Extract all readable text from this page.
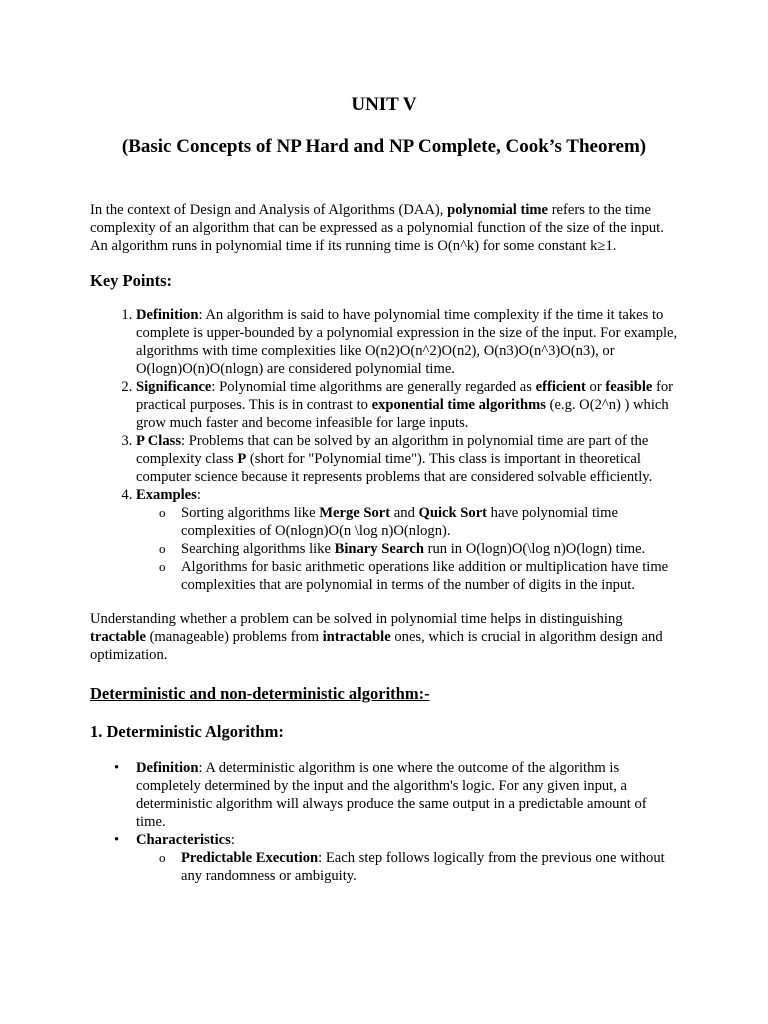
UNIT V
(Basic Concepts of NP Hard and NP Complete, Cook’s Theorem)

In the context of Design and Analysis of Algorithms (DAA), polynomial time refers to the time complexity of an algorithm that can be expressed as a polynomial function of the size of the input. An algorithm runs in polynomial time if its running time is O(n^k) for some constant k≥1.

Key Points:
1. Definition: An algorithm is said to have polynomial time complexity if the time it takes to complete is upper-bounded by a polynomial expression in the size of the input. For example, algorithms with time complexities like O(n2)O(n^2)O(n2), O(n3)O(n^3)O(n3), or O(logn)O(n)O(nlogn) are considered polynomial time.
2. Significance: Polynomial time algorithms are generally regarded as efficient or feasible for practical purposes. This is in contrast to exponential time algorithms (e.g. O(2^n) ) which grow much faster and become infeasible for large inputs.
3. P Class: Problems that can be solved by an algorithm in polynomial time are part of the complexity class P (short for "Polynomial time"). This class is important in theoretical computer science because it represents problems that are considered solvable efficiently.
4. Examples:
o Sorting algorithms like Merge Sort and Quick Sort have polynomial time complexities of O(nlogn)O(n \log n)O(nlogn).
o Searching algorithms like Binary Search run in O(logn)O(\log n)O(logn) time.
o Algorithms for basic arithmetic operations like addition or multiplication have time complexities that are polynomial in terms of the number of digits in the input.

Understanding whether a problem can be solved in polynomial time helps in distinguishing tractable (manageable) problems from intractable ones, which is crucial in algorithm design and optimization.

Deterministic and non-deterministic algorithm:-
1. Deterministic Algorithm:
• Definition: A deterministic algorithm is one where the outcome of the algorithm is completely determined by the input and the algorithm's logic. For any given input, a deterministic algorithm will always produce the same output in a predictable amount of time.
• Characteristics:
o Predictable Execution: Each step follows logically from the previous one without any randomness or ambiguity.
